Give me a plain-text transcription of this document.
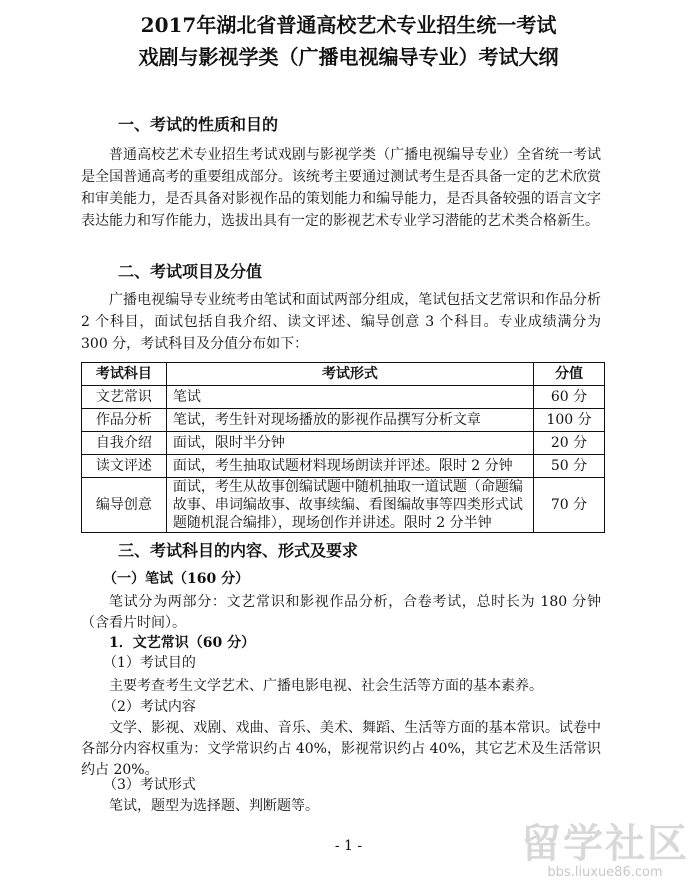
2017年湖北省普通高校艺术专业招生统一考试
戏剧与影视学类（广播电视编导专业）考试大纲
一、考试的性质和目的
普通高校艺术专业招生考试戏剧与影视学类（广播电视编导专业）全省统一考试是全国普通高考的重要组成部分。该统考主要通过测试考生是否具备一定的艺术欣赏和审美能力，是否具备对影视作品的策划能力和编导能力，是否具备较强的语言文字表达能力和写作能力，选拔出具有一定的影视艺术专业学习潜能的艺术类合格新生。
二、考试项目及分值
广播电视编导专业统考由笔试和面试两部分组成，笔试包括文艺常识和作品分析 2 个科目，面试包括自我介绍、读文评述、编导创意 3 个科目。专业成绩满分为 300 分，考试科目及分值分布如下：
考试科目	考试形式	分值
文艺常识	笔试	60 分
作品分析	笔试，考生针对现场播放的影视作品撰写分析文章	100 分
自我介绍	面试，限时半分钟	20 分
读文评述	面试，考生抽取试题材料现场朗读并评述。限时 2 分钟	50 分
编导创意	面试，考生从故事创编试题中随机抽取一道试题（命题编故事、串词编故事、故事续编、看图编故事等四类形式试题随机混合编排），现场创作并讲述。限时 2 分半钟	70 分
三、考试科目的内容、形式及要求
（一）笔试（160 分）
笔试分为两部分：文艺常识和影视作品分析，合卷考试，总时长为 180 分钟（含看片时间）。
1．文艺常识（60 分）
（1）考试目的
主要考查考生文学艺术、广播电影电视、社会生活等方面的基本素养。
（2）考试内容
文学、影视、戏剧、戏曲、音乐、美术、舞蹈、生活等方面的基本常识。试卷中各部分内容权重为：文学常识约占 40%，影视常识约占 40%，其它艺术及生活常识约占 20%。
（3）考试形式
笔试，题型为选择题、判断题等。
- 1 -	留学社区
bbs.liuxue86.com
